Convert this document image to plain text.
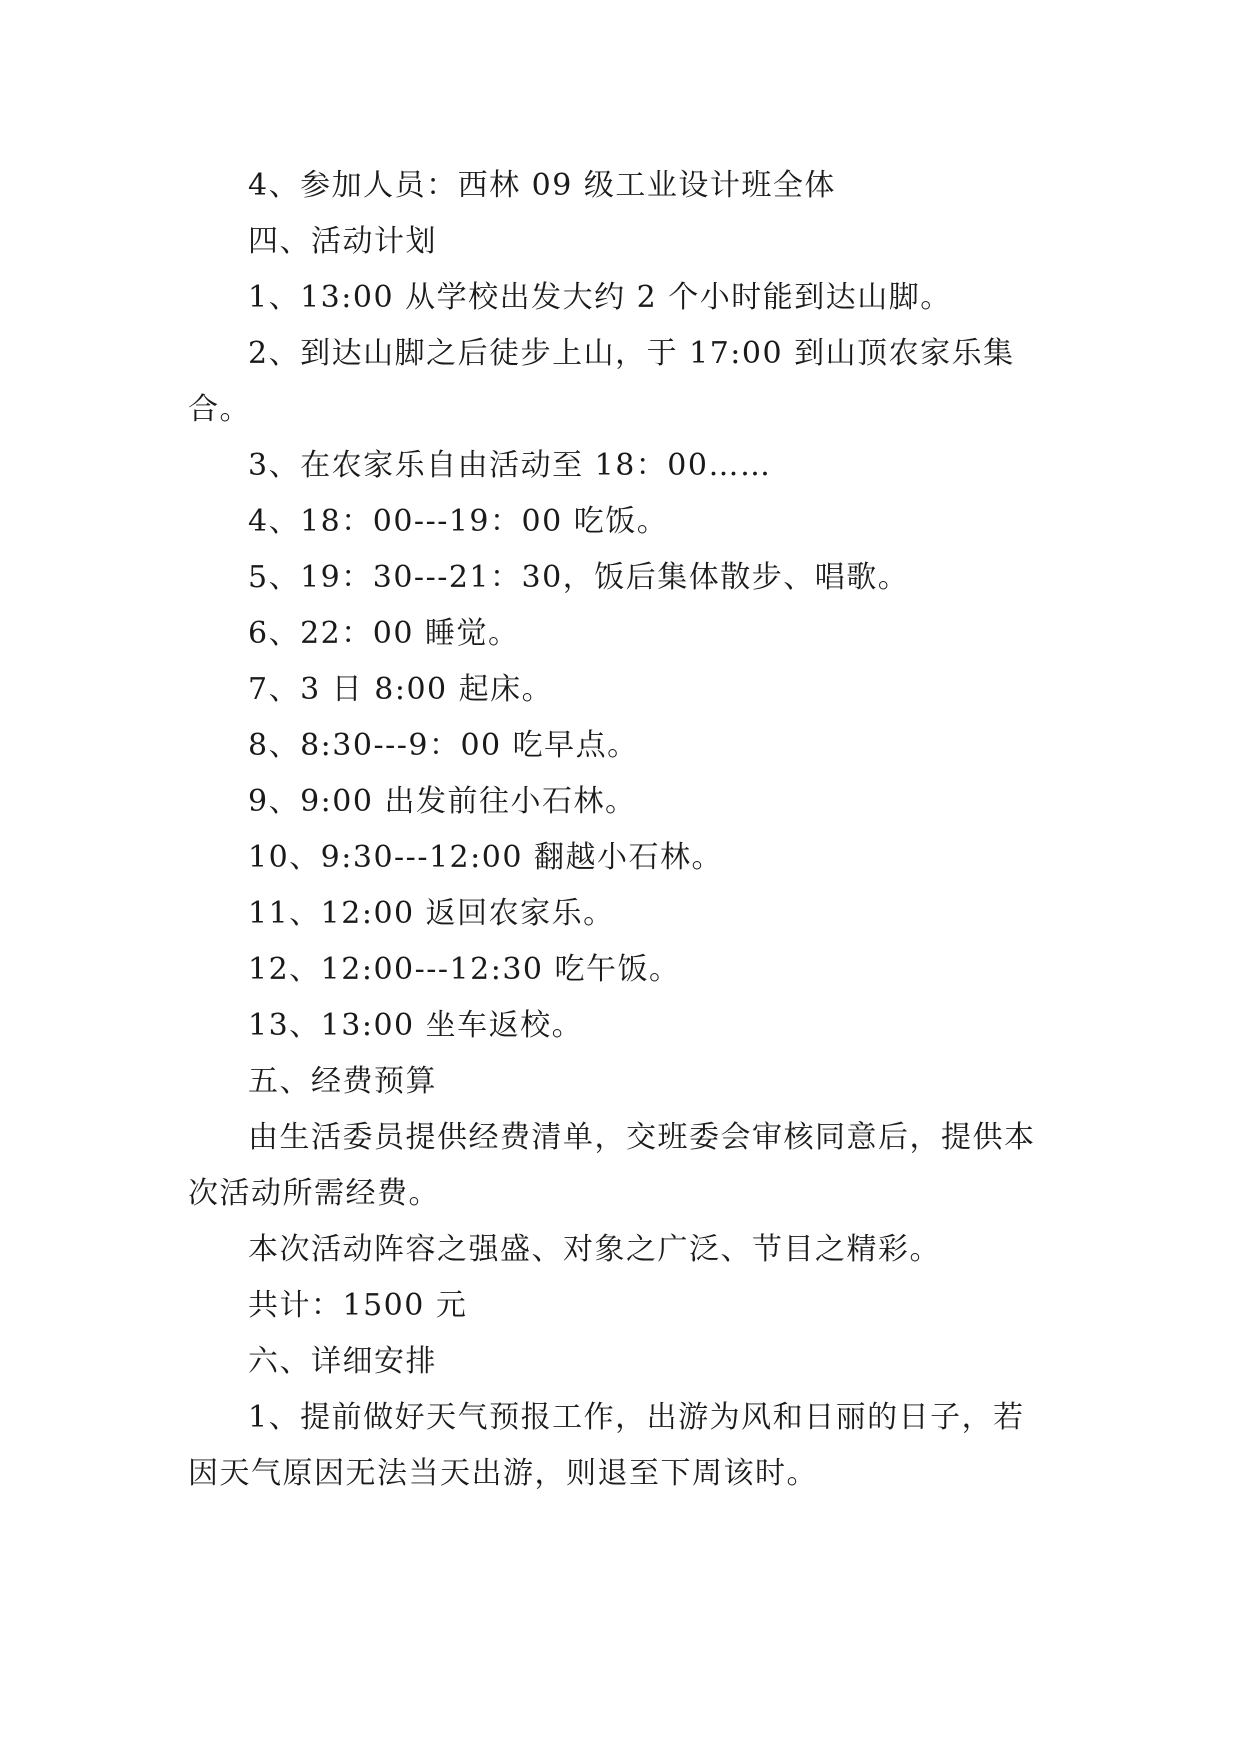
4、参加人员：西林 09 级工业设计班全体

四、活动计划

1、13:00 从学校出发大约 2 个小时能到达山脚。

2、到达山脚之后徒步上山，于 17:00 到山顶农家乐集合。

3、在农家乐自由活动至 18：00……

4、18：00---19：00 吃饭。

5、19：30---21：30，饭后集体散步、唱歌。

6、22：00 睡觉。

7、3 日 8:00 起床。

8、8:30---9：00 吃早点。

9、9:00 出发前往小石林。

10、9:30---12:00 翻越小石林。

11、12:00 返回农家乐。

12、12:00---12:30 吃午饭。

13、13:00 坐车返校。

五、经费预算

由生活委员提供经费清单，交班委会审核同意后，提供本次活动所需经费。

本次活动阵容之强盛、对象之广泛、节目之精彩。

共计：1500 元

六、详细安排

1、提前做好天气预报工作，出游为风和日丽的日子，若因天气原因无法当天出游，则退至下周该时。
